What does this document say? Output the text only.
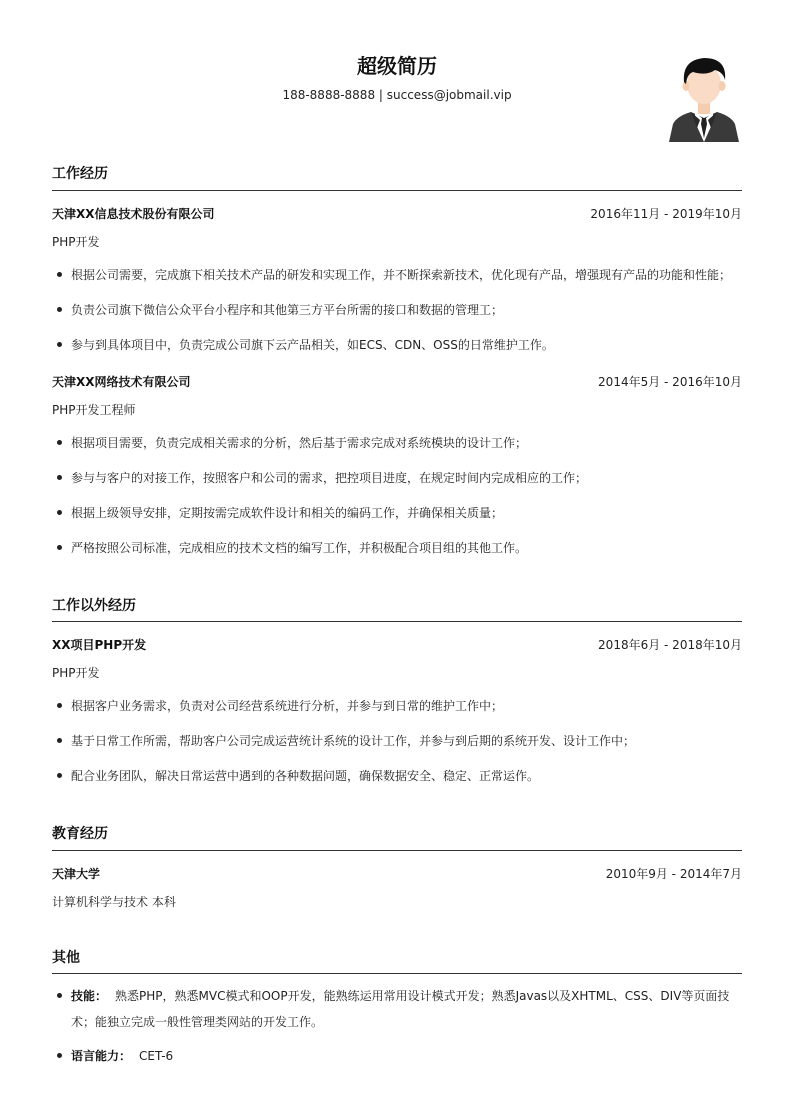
超级简历
188-8888-8888 | success@jobmail.vip
工作经历
天津XX信息技术股份有限公司	2016年11月 - 2019年10月
PHP开发
根据公司需要，完成旗下相关技术产品的研发和实现工作，并不断探索新技术，优化现有产品，增强现有产品的功能和性能；
负责公司旗下微信公众平台小程序和其他第三方平台所需的接口和数据的管理工；
参与到具体项目中，负责完成公司旗下云产品相关，如ECS、CDN、OSS的日常维护工作。
天津XX网络技术有限公司	2014年5月 - 2016年10月
PHP开发工程师
根据项目需要，负责完成相关需求的分析，然后基于需求完成对系统模块的设计工作；
参与与客户的对接工作，按照客户和公司的需求，把控项目进度，在规定时间内完成相应的工作；
根据上级领导安排，定期按需完成软件设计和相关的编码工作，并确保相关质量；
严格按照公司标准，完成相应的技术文档的编写工作，并积极配合项目组的其他工作。
工作以外经历
XX项目PHP开发	2018年6月 - 2018年10月
PHP开发
根据客户业务需求，负责对公司经营系统进行分析，并参与到日常的维护工作中；
基于日常工作所需，帮助客户公司完成运营统计系统的设计工作，并参与到后期的系统开发、设计工作中；
配合业务团队，解决日常运营中遇到的各种数据问题，确保数据安全、稳定、正常运作。
教育经历
天津大学	2010年9月 - 2014年7月
计算机科学与技术 本科
其他
技能： 熟悉PHP，熟悉MVC模式和OOP开发，能熟练运用常用设计模式开发；熟悉Javas以及XHTML、CSS、DIV等页面技术；能独立完成一般性管理类网站的开发工作。
语言能力： CET-6
